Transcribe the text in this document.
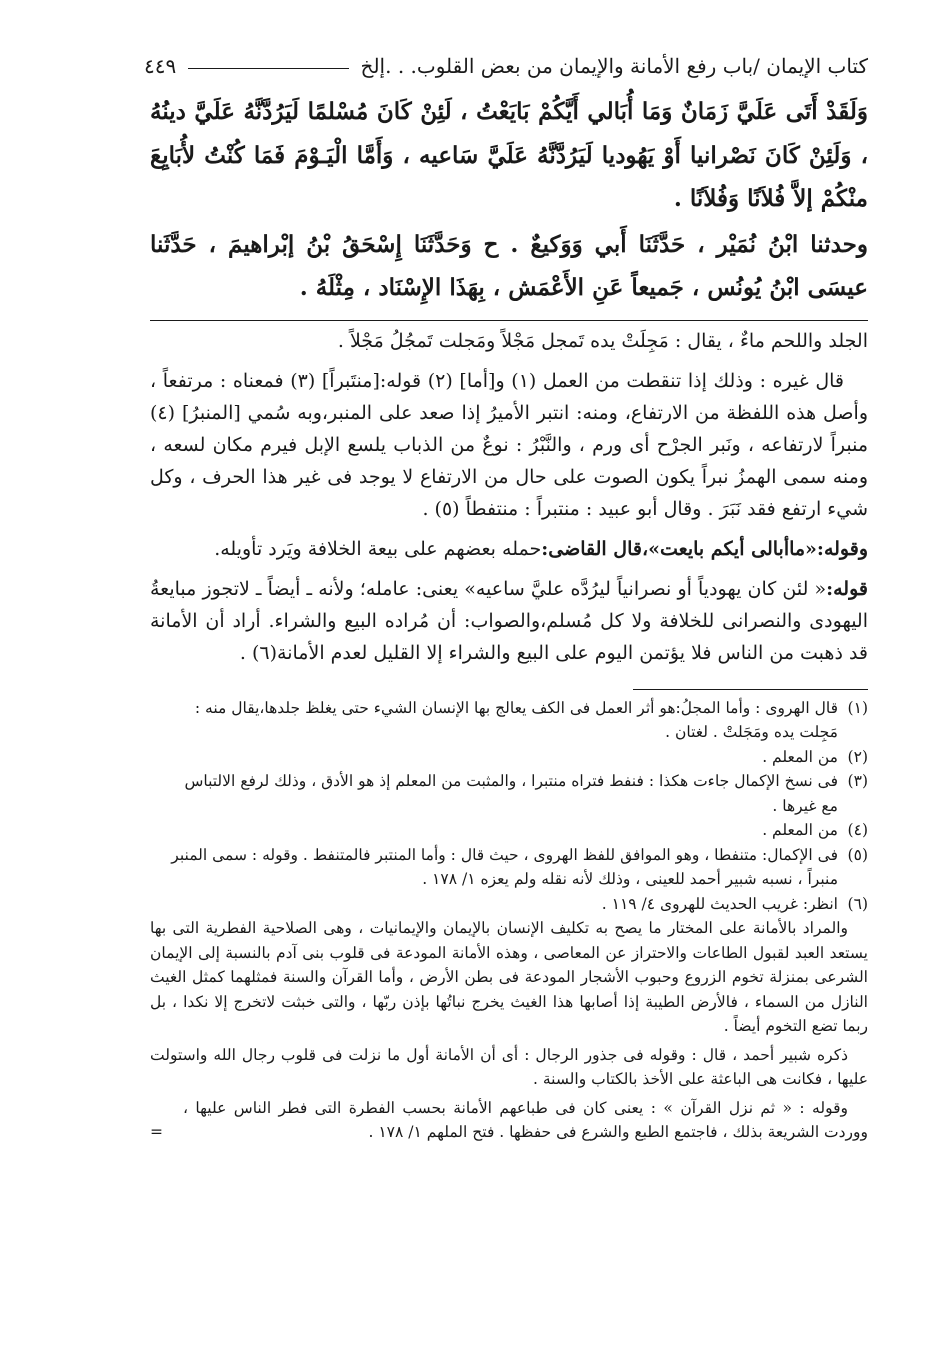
كتاب الإيمان /باب رفع الأمانة والإيمان من بعض القلوب. . .إلخ
٤٤٩

وَلَقَدْ أَتَى عَلَيَّ زَمَانٌ وَمَا أُبَالي أَيَّكُمْ بَايَعْتُ ، لَئِنْ كَانَ مُسْلمًا لَيَرُدَّنَّهُ عَلَيَّ دينُهُ ، وَلَئِنْ كَانَ نَصْرانيا أَوْ يَهُوديا لَيَرُدَّنَّهُ عَلَيَّ سَاعيه ، وَأَمَّا الْيَـوْمَ فَمَا كُنْتُ لأُبَايِعَ منْكُمْ إلاَّ فُلاَنًا وَفُلاَنًا .

وحدثنا ابْنُ نُمَيْر ، حَدَّثَنَا أَبي وَوَكيعٌ . ح وَحَدَّثَنَا إِسْحَقُ بْنُ إبْراهيمَ ، حَدَّثَنا عيسَى ابْنُ يُونُس ، جَميعاً عَنِ الأَعْمَش ، بِهَذَا الإِسْنَاد ، مِثْلَهُ .

الجلد واللحم ماءٌ ، يقال : مَجِلَتْ يده تَمجل مَجْلاً ومَجلت تَمجُلُ مَجْلاً .

قال غيره : وذلك إذا تنقطت من العمل (١) و[أما] (٢) قوله:[منتَبراً] (٣) فمعناه : مرتفعاً ، وأصل هذه اللفظة من الارتفاع، ومنه: انتبر الأميرُ إذا صعد على المنبر،وبه سُمي [المنبرُ] (٤) منبراً لارتفاعه ، ونَبر الجرْح أى ورم ، والنَّبْرُ : نوعٌ من الذباب يلسع الإبل فيرم مكان لسعه ، ومنه سمى الهمزُ نبراً يكون الصوت على حال من الارتفاع لا يوجد فى غير هذا الحرف ، وكل شيء ارتفع فقد نَبَرَ . وقال أبو عبيد : منتبراً : منتفطاً (٥) .

وقوله:«ماأبالى أيكم بايعت»،قال القاضى:حمله بعضهم على بيعة الخلافة ويَرد تأويله.

قوله:« لئن كان يهودياً أو نصرانياً ليرُدَّه عليَّ ساعيه» يعنى: عامله؛ ولأنه ـ أيضاً ـ لاتجوز مبايعةُ اليهودى والنصرانى للخلافة ولا كل مُسلم،والصواب: أن مُراده البيع والشراء. أراد أن الأمانة قد ذهبت من الناس فلا يؤتمن اليوم على البيع والشراء إلا القليل لعدم الأمانة(٦) .

(١)
قال الهروى : وأما المجلُ:هو أثر العمل فى الكف يعالج بها الإنسان الشيء حتى يغلظ جلدها،يقال منه :
مَجِلت يده ومَجَلتْ . لغتان .
(٢)
من المعلم .
(٣)
فى نسخ الإكمال جاءت هكذا : فنفط فتراه منتبرا ، والمثبت من المعلم إذ هو الأدق ، وذلك لرفع الالتباس
مع غيرها .
(٤)
من المعلم .
(٥)
فى الإكمال: متنفطا ، وهو الموافق للفظ الهروى ، حيث قال : وأما المنتبر فالمتنفط . وقوله : سمى المنبر
منبراً ، نسبه شبير أحمد للعينى ، وذلك لأنه نقله ولم يعزه ١/ ١٧٨ .
(٦)
انظر: غريب الحديث للهروى ٤/ ١١٩ .

والمراد بالأمانة على المختار ما يصح به تكليف الإنسان بالإيمان والإيمانيات ، وهى الصلاحية الفطرية التى بها يستعد العبد لقبول الطاعات والاحتراز عن المعاصى ، وهذه الأمانة المودعة فى قلوب بنى آدم بالنسبة إلى الإيمان الشرعى بمنزلة تخوم الزروع وحبوب الأشجار المودعة فى بطن الأرض ، وأما القرآن والسنة فمثلهما كمثل الغيث النازل من السماء ، فالأرض الطيبة إذا أصابها هذا الغيث يخرج نباتُها بإذن ربّها ، والتى خبثت لاتخرج إلا نكدا ، بل ربما تضع التخوم أيضاً .

ذكره شبير أحمد ، قال : وقوله فى جذور الرجال : أى أن الأمانة أول ما نزلت فى قلوب رجال الله واستولت عليها ، فكانت هى الباعثة على الأخذ بالكتاب والسنة .

وقوله : « ثم نزل القرآن » : يعنى كان فى طباعهم الأمانة بحسب الفطرة التى فطر الناس عليها ، ووردت الشريعة بذلك ، فاجتمع الطبع والشرع فى حفظها . فتح الملهم ١/ ١٧٨ .

=
